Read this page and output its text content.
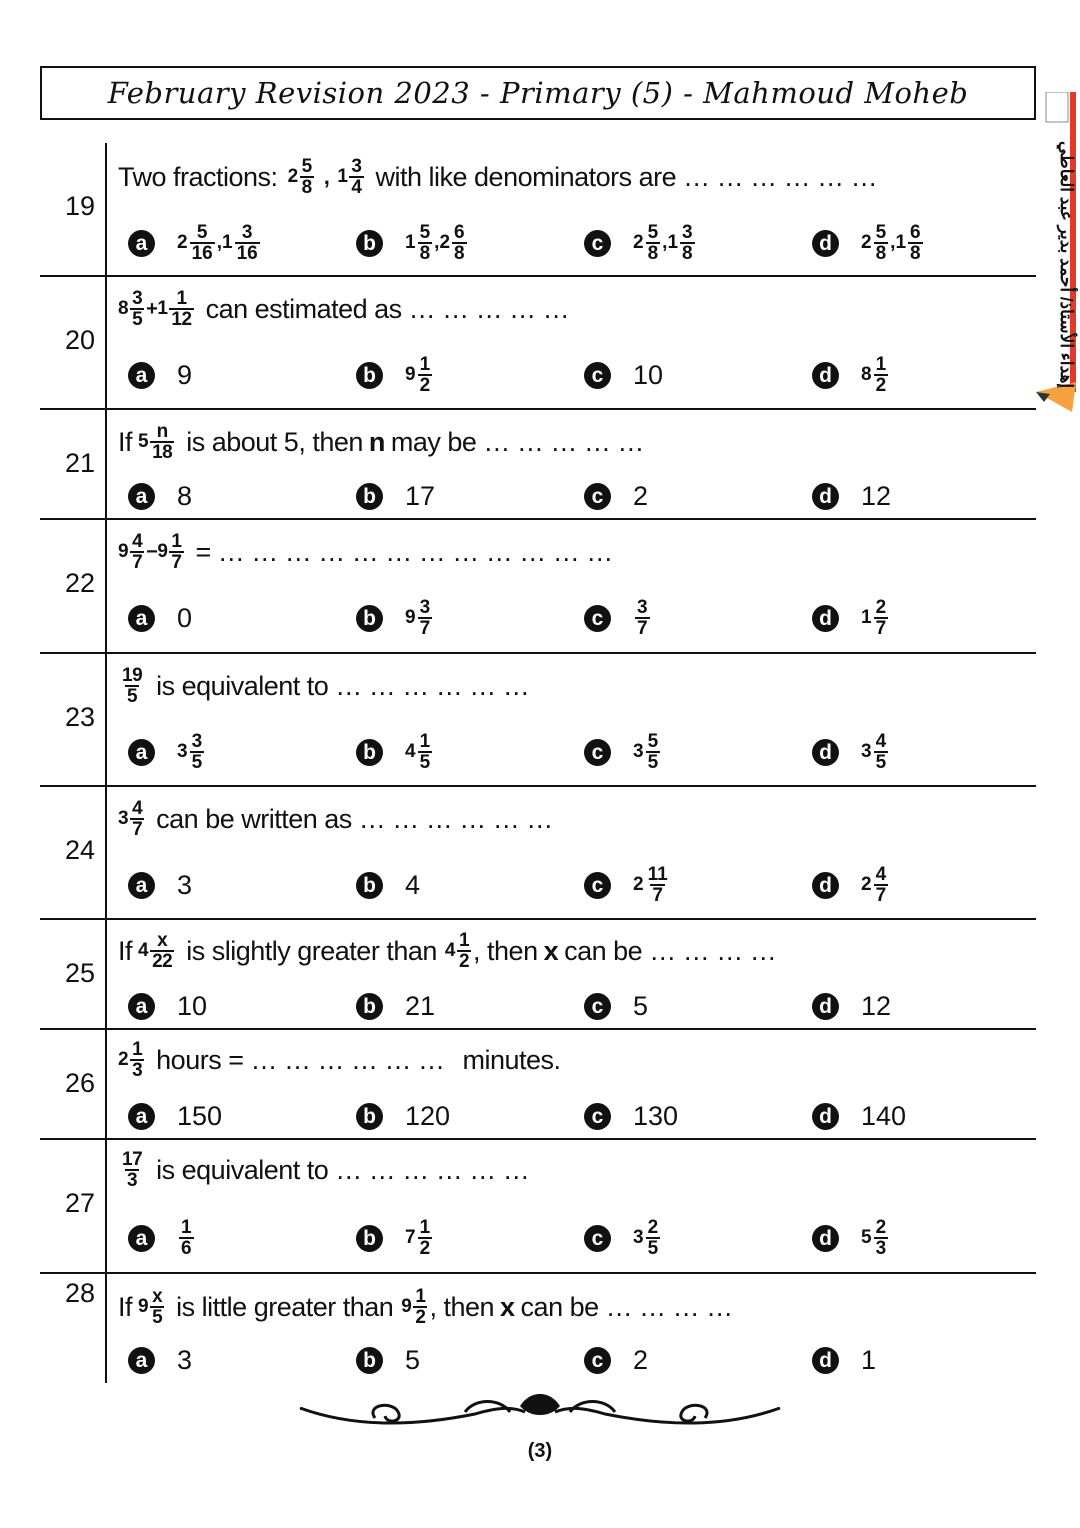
February Revision 2023 - Primary (5) - Mahmoud Moheb
إهداء الأستاذ/ أحمد بدير عبد العاطي
19
Two fractions: $2 \frac{5}{8}$ , $1 \frac{3}{4}$ with like denominators are … … … … … …
a	$2 \frac{5}{16}$ , $1 \frac{3}{16}$	b	$1 \frac{5}{8}$ , $2 \frac{6}{8}$	c	$2 \frac{5}{8}$ , $1 \frac{3}{8}$	d	$2 \frac{5}{8}$ , $1 \frac{6}{8}$
20
$8 \frac{3}{5} + 1 \frac{1}{12}$ can estimated as … … … … …
a 9	b	$9 \frac{1}{2}$	c 10	d	$8 \frac{1}{2}$
21
If $5 \frac{n}{18}$ is about 5, then n may be … … … … …
a 8	b 17	c 2	d 12
22
$9 \frac{4}{7} - 9 \frac{1}{7}$ = … … … … … … … … … … … …
a 0	b	$9 \frac{3}{7}$	c	$\frac{3}{7}$	d	$1 \frac{2}{7}$
23
$\frac{19}{5}$ is equivalent to … … … … … …
a	$3 \frac{3}{5}$	b	$4 \frac{1}{5}$	c	$3 \frac{5}{5}$	d	$3 \frac{4}{5}$
24
$3 \frac{4}{7}$ can be written as … … … … … …
a 3	b 4	c	$2 \frac{11}{7}$	d	$2 \frac{4}{7}$
25
If $4 \frac{x}{22}$ is slightly greater than $4 \frac{1}{2}$ , then x can be … … … …
a 10	b 21	c 5	d 12
26
$2 \frac{1}{3}$ hours = … … … … … … minutes.
a 150	b 120	c 130	d 140
27
$\frac{17}{3}$ is equivalent to … … … … … …
a	$\frac{1}{6}$	b	$7 \frac{1}{2}$	c	$3 \frac{2}{5}$	d	$5 \frac{2}{3}$
28 If $9 \frac{x}{5}$ is little greater than $9 \frac{1}{2}$ , then x can be … … … …
a 3	b 5	c 2	d 1
(3)
